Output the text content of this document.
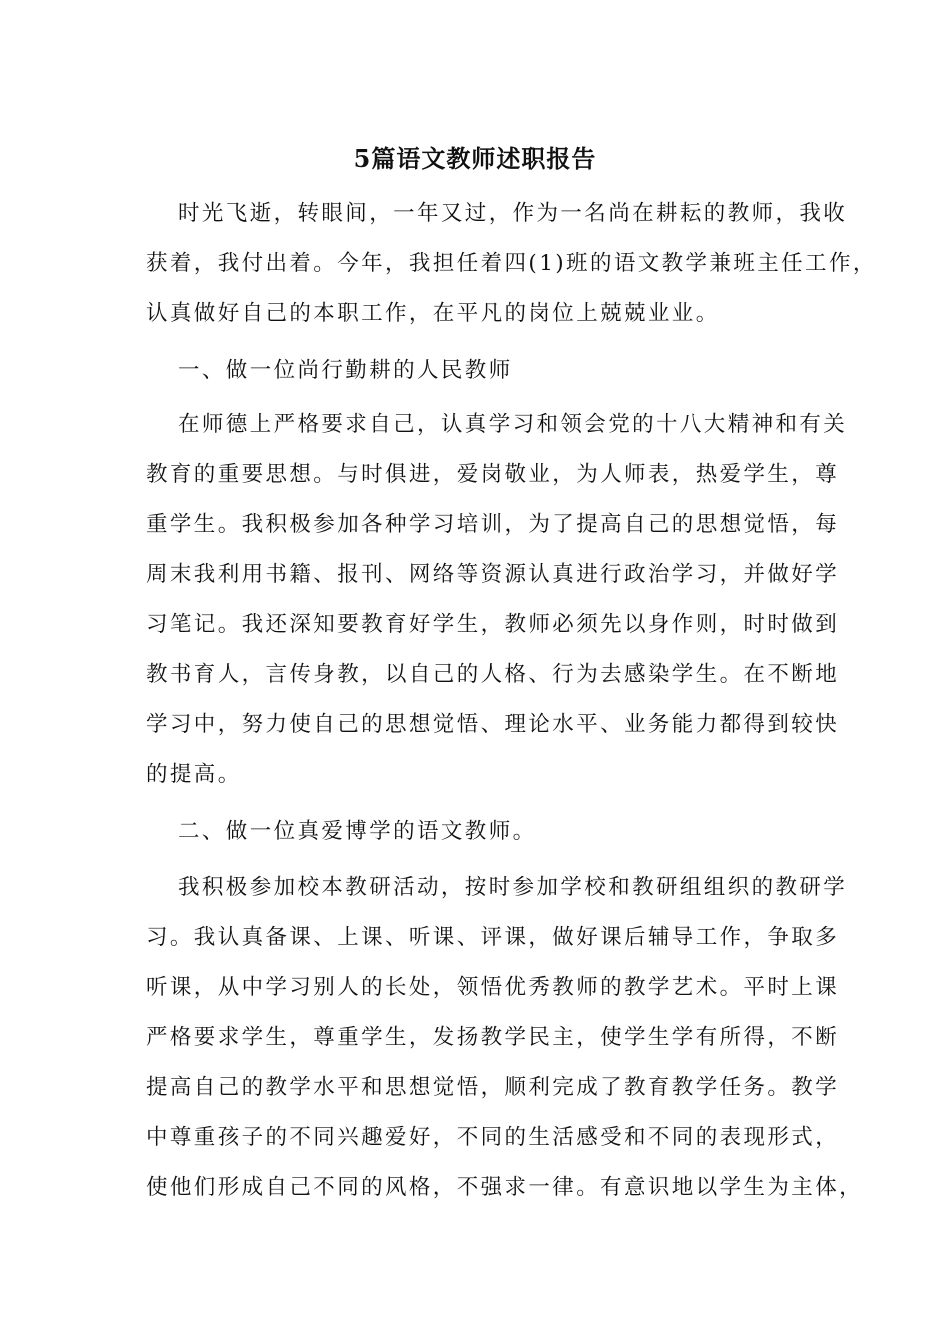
5篇语文教师述职报告
时光飞逝，转眼间，一年又过，作为一名尚在耕耘的教师，我收
获着，我付出着。今年，我担任着四(1)班的语文教学兼班主任工作，
认真做好自己的本职工作，在平凡的岗位上兢兢业业。
一、做一位尚行勤耕的人民教师
在师德上严格要求自己，认真学习和领会党的十八大精神和有关
教育的重要思想。与时俱进，爱岗敬业，为人师表，热爱学生，尊
重学生。我积极参加各种学习培训，为了提高自己的思想觉悟，每
周末我利用书籍、报刊、网络等资源认真进行政治学习，并做好学
习笔记。我还深知要教育好学生，教师必须先以身作则，时时做到
教书育人，言传身教，以自己的人格、行为去感染学生。在不断地
学习中，努力使自己的思想觉悟、理论水平、业务能力都得到较快
的提高。
二、做一位真爱博学的语文教师。
我积极参加校本教研活动，按时参加学校和教研组组织的教研学
习。我认真备课、上课、听课、评课，做好课后辅导工作，争取多
听课，从中学习别人的长处，领悟优秀教师的教学艺术。平时上课
严格要求学生，尊重学生，发扬教学民主，使学生学有所得，不断
提高自己的教学水平和思想觉悟，顺利完成了教育教学任务。教学
中尊重孩子的不同兴趣爱好，不同的生活感受和不同的表现形式，
使他们形成自己不同的风格，不强求一律。有意识地以学生为主体，
